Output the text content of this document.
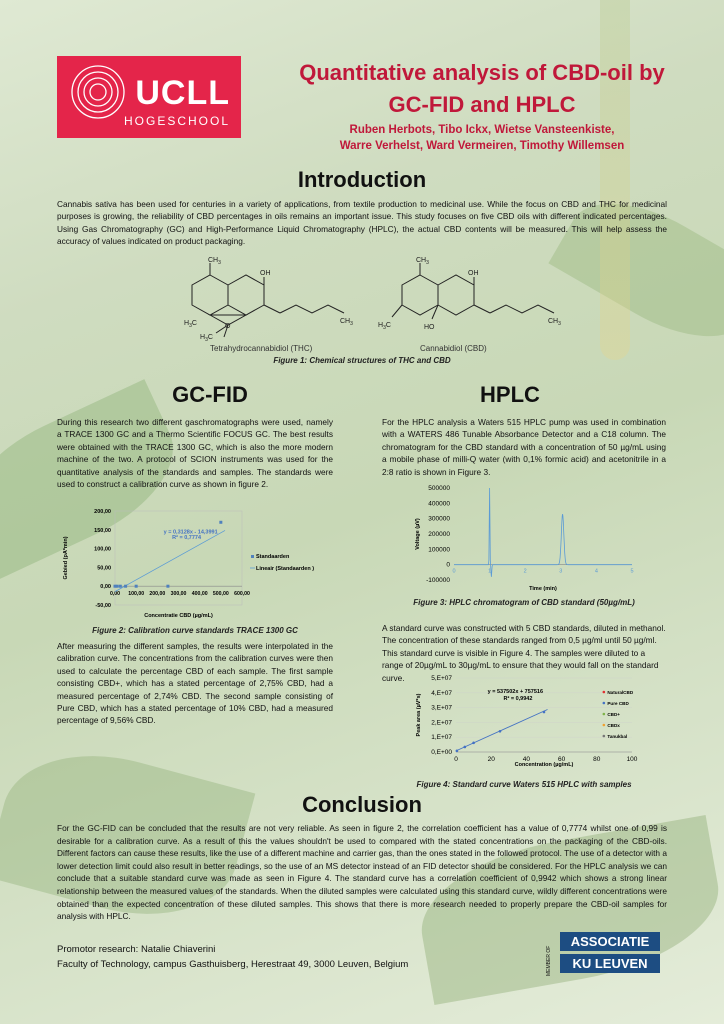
UCLL
HOGESCHOOL
Quantitative analysis of CBD-oil by
GC-FID and HPLC
Ruben Herbots, Tibo Ickx, Wietse Vansteenkiste,
Warre Verhelst, Ward Vermeiren, Timothy Willemsen
Introduction
Cannabis sativa has been used for centuries in a variety of applications, from textile production to medicinal use. While the focus on CBD and THC for medicinal purposes is growing, the reliability of CBD percentages in oils remains an important issue. This study focuses on five CBD oils with different indicated percentages. Using Gas Chromatography (GC) and High-Performance Liquid Chromatography (HPLC), the actual CBD contents will be measured. This will help assess the accuracy of values indicated on product packaging.
$CH_3$
OH
$H_3C$
$H_3C$
O
$CH_3$
$CH_3$
OH
$H_3C$	HO
$CH_3$
Tetrahydrocannabidiol (THC)	Cannabidiol (CBD)
Figure 1: Chemical structures of THC and CBD
GC-FID
During this research two different gaschromatographs were used, namely a TRACE 1300 GC and a Thermo Scientific FOCUS GC. The best results were obtained with the TRACE 1300 GC, which is also the more modern machine of the two. A protocol of SCION instruments was used for the quantitative analysis of the standards and samples. The standards were used to construct a calibration curve as shown in figure 2.
200,00
150,00
100,00
50,00
0,00
-50,00
0,00 100,00 200,00 300,00 400,00 500,00 600,00
y = 0,3128x - 14,3991
R² = 0,7774
Gebied (pA*min)
Concentratie CBD (µg/mL)
Standaarden
Lineair (Standaarden )
Figure 2: Calibration curve standards TRACE 1300 GC
After measuring the different samples, the results were interpolated in the calibration curve. The concentrations from the calibration curves were then used to calculate the percentage CBD of each sample. The first sample consisting CBD+, which has a stated percentage of 2,75% CBD, had a measured percentage of 2,74% CBD. The second sample consisting of Pure CBD, which has a stated percentage of 10% CBD, had a measured percentage of 9,56% CBD.
HPLC
For the HPLC analysis a Waters 515 HPLC pump was used in combination with a WATERS 486 Tunable Absorbance Detector and a C18 column. The chromatogram for the CBD standard with a concentration of 50 µg/mL using a mobile phase of milli-Q water (with 0,1% formic acid) and acetonitrile in a 2:8 ratio is shown in Figure 3.
500000
400000
300000
200000
100000
0
-100000
0	1	2	3	4	5
Voltage (µV)
Time (min)
Figure 3: HPLC chromatogram of CBD standard (50µg/mL)
A standard curve was constructed with 5 CBD standards, diluted in methanol. The concentration of these standards ranged from 0,5 µg/ml until 50 µg/ml. This standard curve is visible in Figure 4. The samples were diluted to a range of 20µg/mL to 30µg/mL to ensure that they would fall on the standard curve.	5,E+07
4,E+07
3,E+07
2,E+07
1,E+07
0,E+00
0	20	40	60	80	100
y = 537502x + 757516
R² = 0,9942
Peak area (µV*s)
Concentration (µg/mL)
NaturalCBD
Pure CBD
CBD+
CBDx
Tanukbal
Figure 4: Standard curve Waters 515 HPLC with samples
Conclusion
For the GC-FID can be concluded that the results are not very reliable. As seen in figure 2, the correlation coefficient has a value of 0,7774 whilst one of 0,99 is desirable for a calibration curve. As a result of this the values shouldn't be used to compared with the stated concentrations on the packaging of the CBD-oils. Different factors can cause these results, like the use of a different machine and carrier gas, than the ones stated in the followed protocol. The use of a detector with a lower detection limit could also result in better readings, so the use of an MS detector instead of an FID detector should be considered. For the HPLC analysis we can conclude that a suitable standard curve was made as seen in Figure 4. The standard curve has a correlation coefficient of 0,9942 which shows a strong linear relationship between the measured values of the standards. When the diluted samples were calculated using this standard curve, wildly different concentrations were obtained than the expected concentration of these diluted samples. This shows that there is more research needed to properly prepare the CBD-oil samples for analysis with HPLC.
Promotor research: Natalie Chiaverini
Faculty of Technology, campus Gasthuisberg, Herestraat 49, 3000 Leuven, Belgium	MEMBER OF
ASSOCIATIE
KU LEUVEN
